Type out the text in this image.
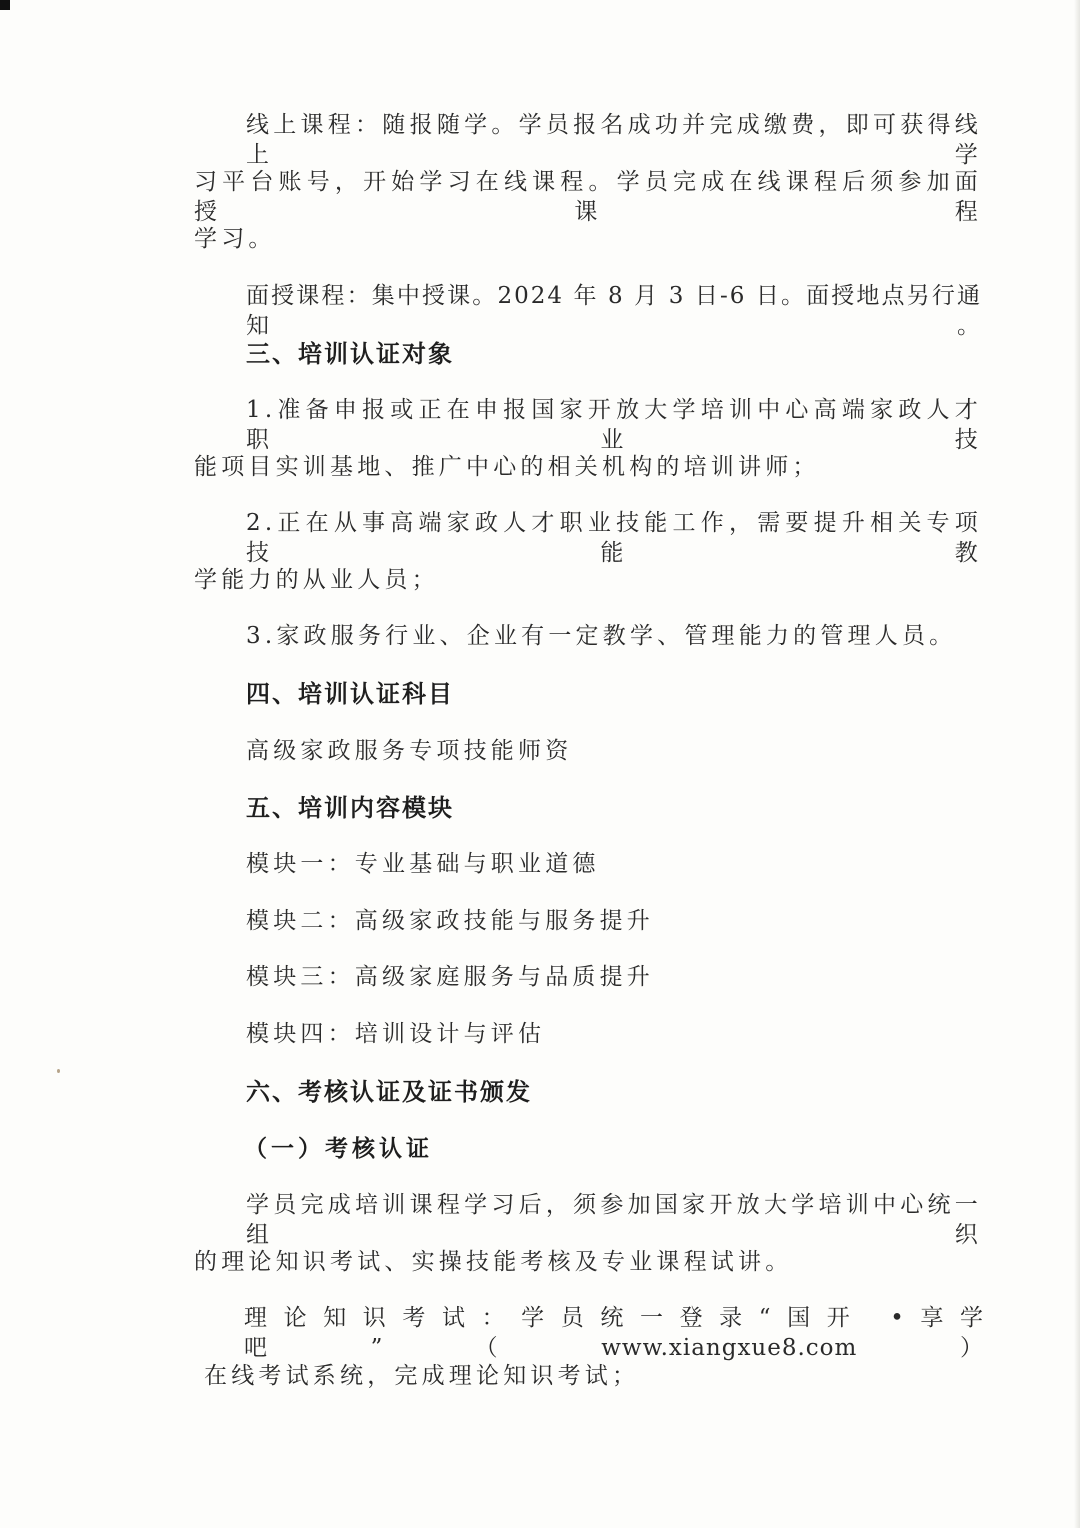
线上课程：随报随学。学员报名成功并完成缴费，即可获得线上学

习平台账号，开始学习在线课程。学员完成在线课程后须参加面授课程

学习。

面授课程：集中授课。2024 年 8 月 3 日-6 日。面授地点另行通知。

三、培训认证对象

1.准备申报或正在申报国家开放大学培训中心高端家政人才职业技

能项目实训基地、推广中心的相关机构的培训讲师；

2.正在从事高端家政人才职业技能工作，需要提升相关专项技能教

学能力的从业人员；

3.家政服务行业、企业有一定教学、管理能力的管理人员。

四、培训认证科目

高级家政服务专项技能师资

五、培训内容模块

模块一：专业基础与职业道德

模块二：高级家政技能与服务提升

模块三：高级家庭服务与品质提升

模块四：培训设计与评估

六、考核认证及证书颁发
（一）考核认证

学员完成培训课程学习后，须参加国家开放大学培训中心统一组织

的理论知识考试、实操技能考核及专业课程试讲。

理论知识考试：学员统一登录“国开 •享学吧”（www.xiangxue8.com）

在线考试系统，完成理论知识考试；
